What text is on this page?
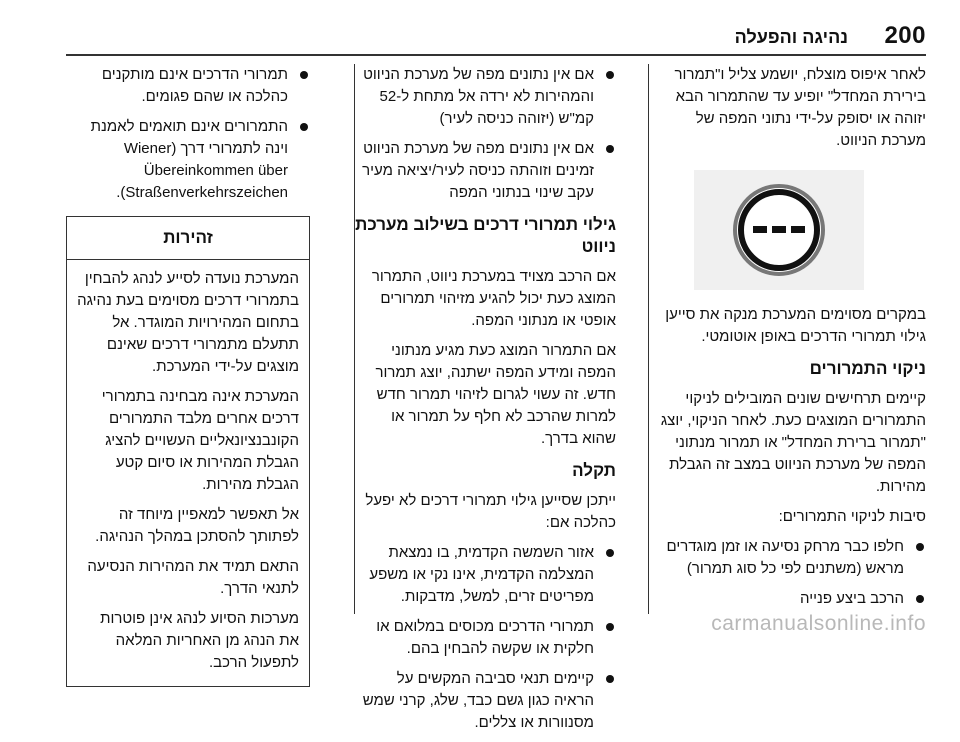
200
נהיגה והפעלה

לאחר איפוס מוצלח, יושמע צליל ו"תמרור בירירת המחדל" יופיע עד שהתמרור הבא יזוהה או יסופק על-ידי נתוני המפה של מערכת הניווט.

במקרים מסוימים המערכת מנקה את סייען גילוי תמרורי הדרכים באופן אוטומטי.

ניקוי התמרורים

קיימים תרחישים שונים המובילים לניקוי התמרורים המוצגים כעת. לאחר הניקוי, יוצג "תמרור ברירת המחדל" או תמרור מנתוני המפה של מערכת הניווט במצב זה הגבלת מהירות.

סיבות לניקוי התמרורים:

חלפו כבר מרחק נסיעה או זמן מוגדרים מראש (משתנים לפי כל סוג תמרור)
הרכב ביצע פנייה
אם אין נתונים מפה של מערכת הניווט והמהירות לא ירדה אל מתחת ל-52 קמ"ש (יזוהה כניסה לעיר)
אם אין נתונים מפה של מערכת הניווט זמינים וזוהתה כניסה לעיר/יציאה מעיר עקב שינוי בנתוני המפה
גילוי תמרורי דרכים בשילוב מערכת ניווט

אם הרכב מצויד במערכת ניווט, התמרור המוצג כעת יכול להגיע מזיהוי תמרורים אופטי או מנתוני המפה.

אם התמרור המוצג כעת מגיע מנתוני המפה ומידע המפה ישתנה, יוצג תמרור חדש. זה עשוי לגרום לזיהוי תמרור חדש למרות שהרכב לא חלף על תמרור או שהוא בדרך.

תקלה

ייתכן שסייען גילוי תמרורי דרכים לא יפעל כהלכה אם:

אזור השמשה הקדמית, בו נמצאת המצלמה הקדמית, אינו נקי או משפע מפריטים זרים, למשל, מדבקות.
תמרורי הדרכים מכוסים במלואם או חלקית או שקשה להבחין בהם.
קיימים תנאי סביבה המקשים על הראיה כגון גשם כבד, שלג, קרני שמש מסנוורות או צללים.
תמרורי הדרכים אינם מותקנים כהלכה או שהם פגומים.
התמרורים אינם תואמים לאמנת וינה לתמרורי דרך (Wiener Übereinkommen über Straßenverkehrszeichen).
זהירות

המערכת נועדה לסייע לנהג להבחין בתמרורי דרכים מסוימים בעת נהיגה בתחום המהירויות המוגדר. אל תתעלם מתמרורי דרכים שאינם מוצגים על-ידי המערכת.

המערכת אינה מבחינה בתמרורי דרכים אחרים מלבד התמרורים הקונבנציונאליים העשויים להציג הגבלת המהירות או סיום קטע הגבלת מהירות.

אל תאפשר למאפיין מיוחד זה לפתותך להסתכן במהלך הנהיגה.

התאם תמיד את המהירות הנסיעה לתנאי הדרך.

מערכות הסיוע לנהג אינן פוטרות את הנהג מן האחריות המלאה לתפעול הרכב.

carmanualsonline.info
